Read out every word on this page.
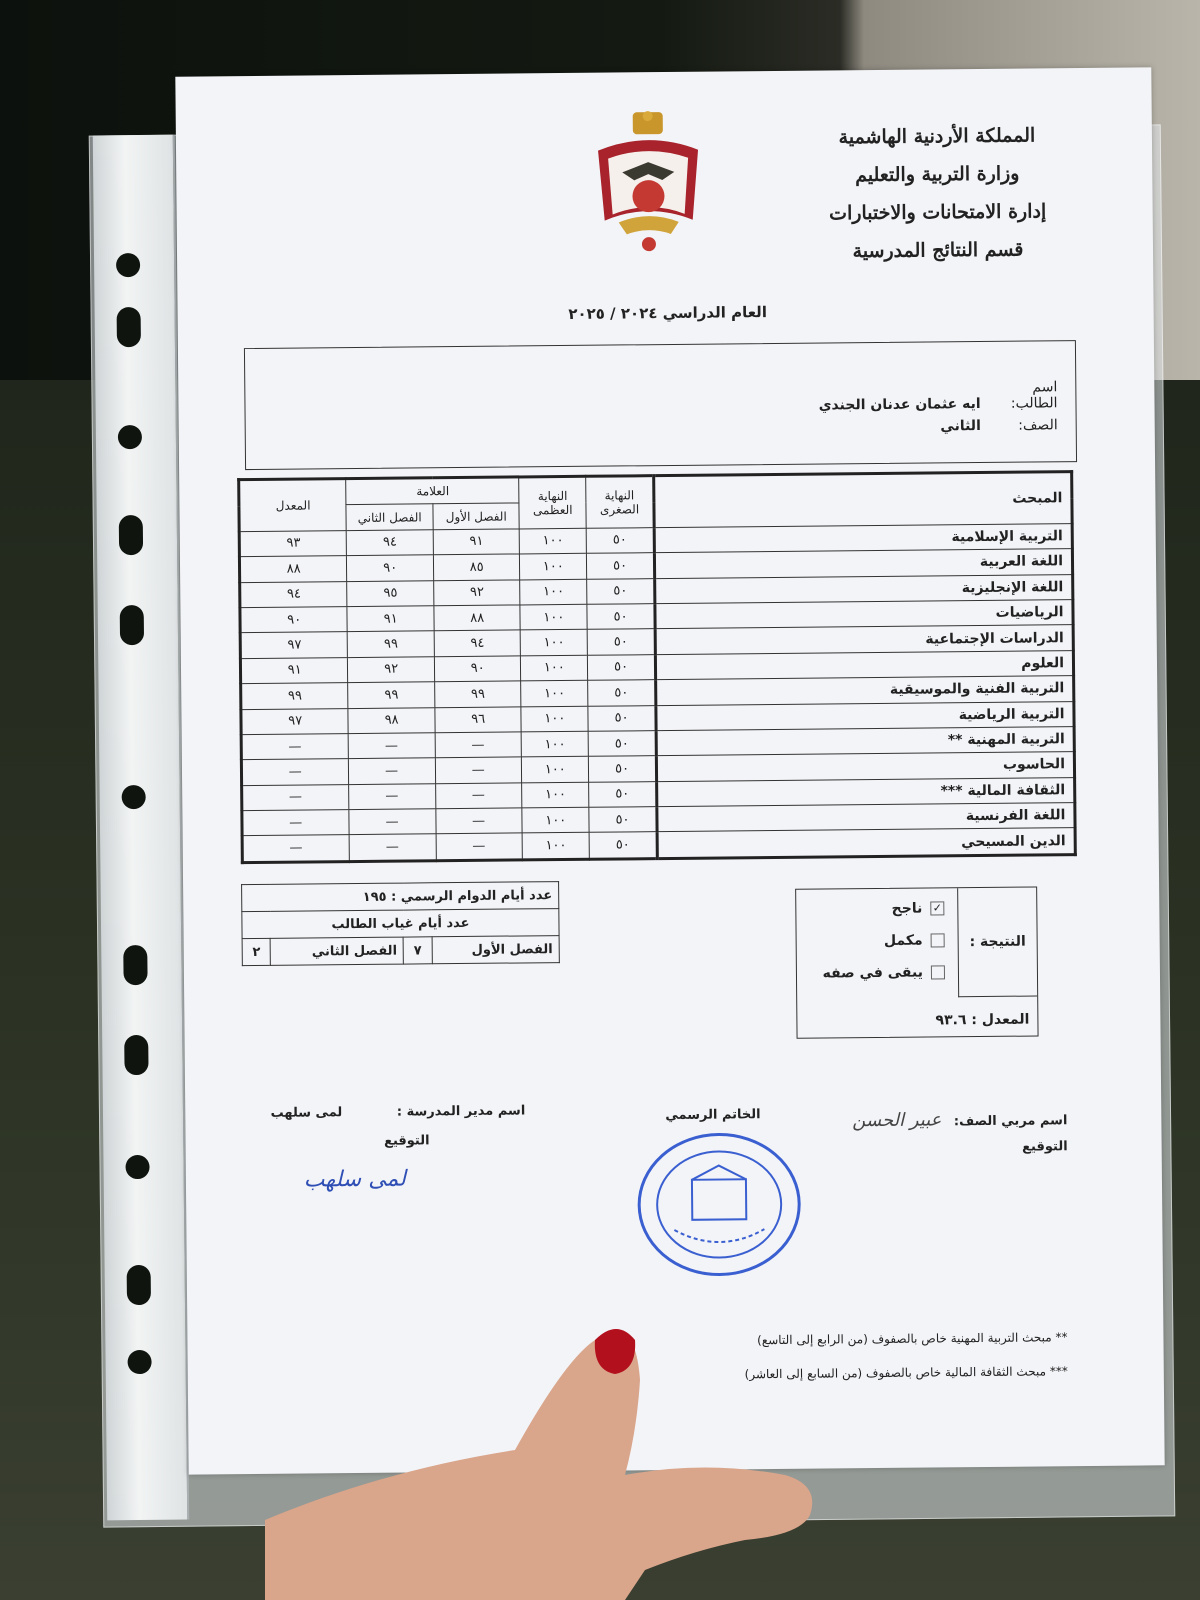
المملكة الأردنية الهاشمية
وزارة التربية والتعليم
إدارة الامتحانات والاختبارات
قسم النتائج المدرسية
العام الدراسي ٢٠٢٤ / ٢٠٢٥
اسم الطالب: ايه عثمان عدنان الجندي
الصف: الثاني
المبحث	النهاية الصغرى	النهاية العظمى	العلامة		المعدل
			الفصل الأول	الفصل الثاني	
التربية الإسلامية	٥٠	١٠٠	٩١	٩٤	٩٣
اللغة العربية	٥٠	١٠٠	٨٥	٩٠	٨٨
اللغة الإنجليزية	٥٠	١٠٠	٩٢	٩٥	٩٤
الرياضيات	٥٠	١٠٠	٨٨	٩١	٩٠
الدراسات الإجتماعية	٥٠	١٠٠	٩٤	٩٩	٩٧
العلوم	٥٠	١٠٠	٩٠	٩٢	٩١
التربية الفنية والموسيقية	٥٠	١٠٠	٩٩	٩٩	٩٩
التربية الرياضية	٥٠	١٠٠	٩٦	٩٨	٩٧
التربية المهنية **	٥٠	١٠٠	—	—	—
الحاسوب	٥٠	١٠٠	—	—	—
الثقافة المالية ***	٥٠	١٠٠	—	—	—
اللغة الفرنسية	٥٠	١٠٠	—	—	—
الدين المسيحي	٥٠	١٠٠	—	—	—
عدد أيام الدوام الرسمي : ١٩٥
عدد أيام غياب الطالب
الفصل الأول	٧	الفصل الثاني	٢
النتيجة :
✓ناجح
مكمل
يبقى في صفه
المعدل : ٩٣.٦
اسم مدير المدرسة : لمى سلهب
التوقيع
لمى سلهب
الخاتم الرسمي	اسم مربي الصف: عبير الحسن
التوقيع
** مبحث التربية المهنية خاص بالصفوف (من الرابع إلى التاسع)
*** مبحث الثقافة المالية خاص بالصفوف (من السابع إلى العاشر)
